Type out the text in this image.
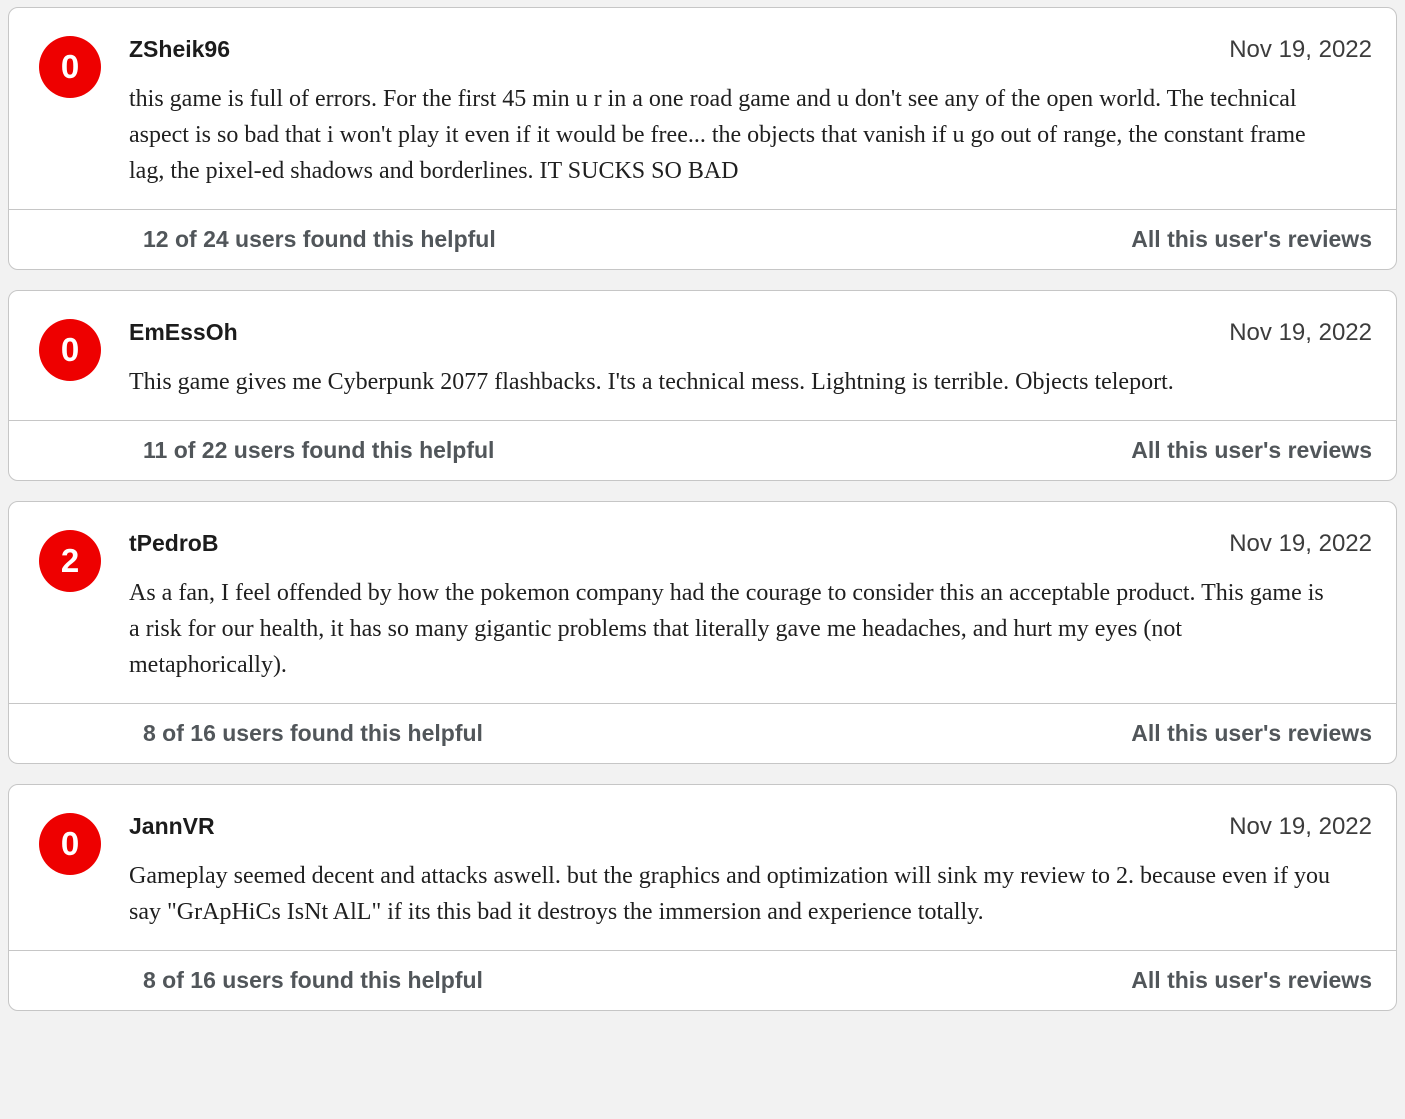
0 ZSheik96	Nov 19, 2022

this game is full of errors. For the first 45 min u r in a one road game and u don't see any of the open world. The technical aspect is so bad that i won't play it even if it would be free... the objects that vanish if u go out of range, the constant frame lag, the pixel-ed shadows and borderlines. IT SUCKS SO BAD

12 of 24 users found this helpful	All this user's reviews
0 EmEssOh	Nov 19, 2022

This game gives me Cyberpunk 2077 flashbacks. I'ts a technical mess. Lightning is terrible. Objects teleport.

11 of 22 users found this helpful	All this user's reviews
2 tPedroB	Nov 19, 2022

As a fan, I feel offended by how the pokemon company had the courage to consider this an acceptable product. This game is a risk for our health, it has so many gigantic problems that literally gave me headaches, and hurt my eyes (not metaphorically).

8 of 16 users found this helpful	All this user's reviews
0 JannVR	Nov 19, 2022

Gameplay seemed decent and attacks aswell. but the graphics and optimization will sink my review to 2. because even if you say "GrApHiCs IsNt AlL" if its this bad it destroys the immersion and experience totally.

8 of 16 users found this helpful	All this user's reviews
